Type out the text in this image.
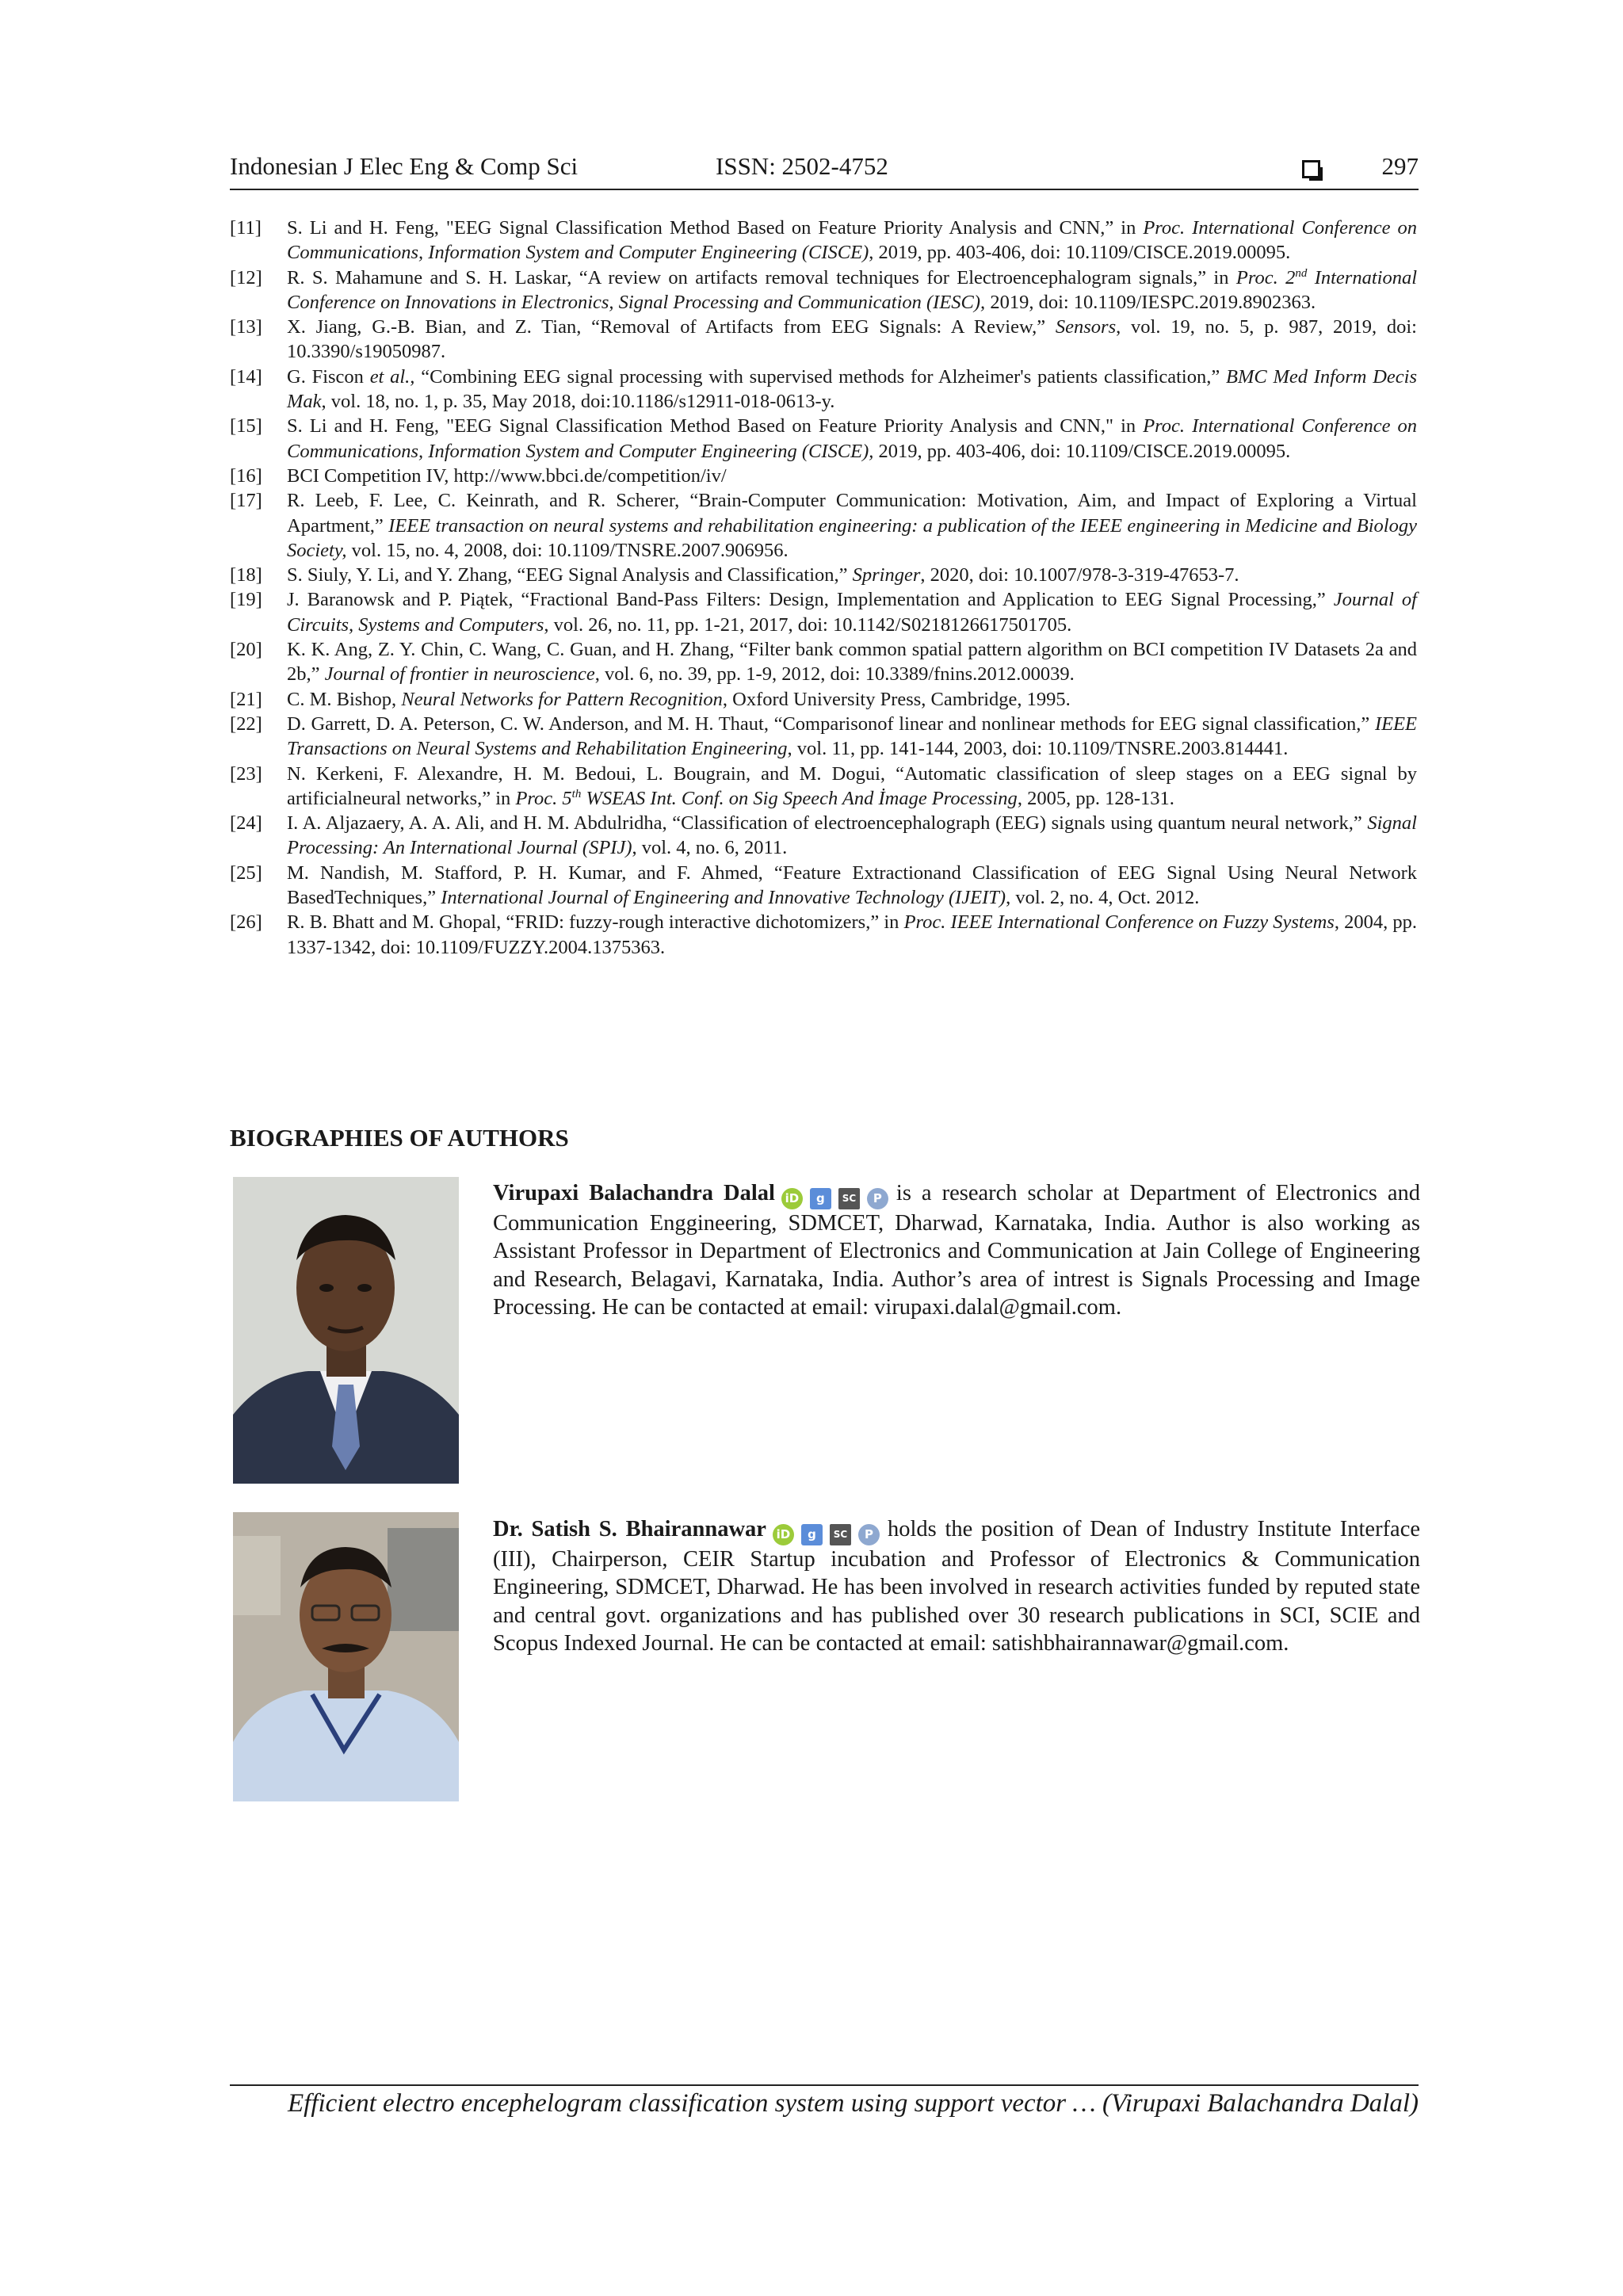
Indonesian J Elec Eng & Comp Sci	ISSN: 2502-4752	297
[11]	S. Li and H. Feng, "EEG Signal Classification Method Based on Feature Priority Analysis and CNN,” in Proc. International Conference on Communications, Information System and Computer Engineering (CISCE), 2019, pp. 403-406, doi: 10.1109/CISCE.2019.00095.
[12]	R. S. Mahamune and S. H. Laskar, “A review on artifacts removal techniques for Electroencephalogram signals,” in Proc. 2nd International Conference on Innovations in Electronics, Signal Processing and Communication (IESC), 2019, doi: 10.1109/IESPC.2019.8902363.
[13]	X. Jiang, G.-B. Bian, and Z. Tian, “Removal of Artifacts from EEG Signals: A Review,” Sensors, vol. 19, no. 5, p. 987, 2019, doi: 10.3390/s19050987.
[14]	G. Fiscon et al., “Combining EEG signal processing with supervised methods for Alzheimer's patients classification,” BMC Med Inform Decis Mak, vol. 18, no. 1, p. 35, May 2018, doi:10.1186/s12911-018-0613-y.
[15]	S. Li and H. Feng, "EEG Signal Classification Method Based on Feature Priority Analysis and CNN," in Proc. International Conference on Communications, Information System and Computer Engineering (CISCE), 2019, pp. 403-406, doi: 10.1109/CISCE.2019.00095.
[16]	BCI Competition IV, http://www.bbci.de/competition/iv/
[17]	R. Leeb, F. Lee, C. Keinrath, and R. Scherer, “Brain-Computer Communication: Motivation, Aim, and Impact of Exploring a Virtual Apartment,” IEEE transaction on neural systems and rehabilitation engineering: a publication of the IEEE engineering in Medicine and Biology Society, vol. 15, no. 4, 2008, doi: 10.1109/TNSRE.2007.906956.
[18]	S. Siuly, Y. Li, and Y. Zhang, “EEG Signal Analysis and Classification,” Springer, 2020, doi: 10.1007/978-3-319-47653-7.
[19]	J. Baranowsk and P. Piątek, “Fractional Band-Pass Filters: Design, Implementation and Application to EEG Signal Processing,” Journal of Circuits, Systems and Computers, vol. 26, no. 11, pp. 1-21, 2017, doi: 10.1142/S0218126617501705.
[20]	K. K. Ang, Z. Y. Chin, C. Wang, C. Guan, and H. Zhang, “Filter bank common spatial pattern algorithm on BCI competition IV Datasets 2a and 2b,” Journal of frontier in neuroscience, vol. 6, no. 39, pp. 1-9, 2012, doi: 10.3389/fnins.2012.00039.
[21]	C. M. Bishop, Neural Networks for Pattern Recognition, Oxford University Press, Cambridge, 1995.
[22]	D. Garrett, D. A. Peterson, C. W. Anderson, and M. H. Thaut, “Comparisonof linear and nonlinear methods for EEG signal classification,” IEEE Transactions on Neural Systems and Rehabilitation Engineering, vol. 11, pp. 141-144, 2003, doi: 10.1109/TNSRE.2003.814441.
[23]	N. Kerkeni, F. Alexandre, H. M. Bedoui, L. Bougrain, and M. Dogui, “Automatic classification of sleep stages on a EEG signal by artificialneural networks,” in Proc. 5th WSEAS Int. Conf. on Sig Speech And İmage Processing, 2005, pp. 128-131.
[24]	I. A. Aljazaery, A. A. Ali, and H. M. Abdulridha, “Classification of electroencephalograph (EEG) signals using quantum neural network,” Signal Processing: An International Journal (SPIJ), vol. 4, no. 6, 2011.
[25]	M. Nandish, M. Stafford, P. H. Kumar, and F. Ahmed, “Feature Extractionand Classification of EEG Signal Using Neural Network BasedTechniques,” International Journal of Engineering and Innovative Technology (IJEIT), vol. 2, no. 4, Oct. 2012.
[26]	R. B. Bhatt and M. Ghopal, “FRID: fuzzy-rough interactive dichotomizers,” in Proc. IEEE International Conference on Fuzzy Systems, 2004, pp. 1337-1342, doi: 10.1109/FUZZY.2004.1375363.
BIOGRAPHIES OF AUTHORS
Virupaxi Balachandra Dalal iD	g	SC	P is a research scholar at Department of Electronics and Communication Enggineering, SDMCET, Dharwad, Karnataka, India. Author is also working as Assistant Professor in Department of Electronics and Communication at Jain College of Engineering and Research, Belagavi, Karnataka, India. Author’s area of intrest is Signals Processing and Image Processing. He can be contacted at email: virupaxi.dalal@gmail.com.
Dr. Satish S. Bhairannawar iD	g	SC	P holds the position of Dean of Industry Institute Interface (III), Chairperson, CEIR Startup incubation and Professor of Electronics & Communication Engineering, SDMCET, Dharwad. He has been involved in research activities funded by reputed state and central govt. organizations and has published over 30 research publications in SCI, SCIE and Scopus Indexed Journal. He can be contacted at email: satishbhairannawar@gmail.com.
Efficient electro encephelogram classification system using support vector … (Virupaxi Balachandra Dalal)
